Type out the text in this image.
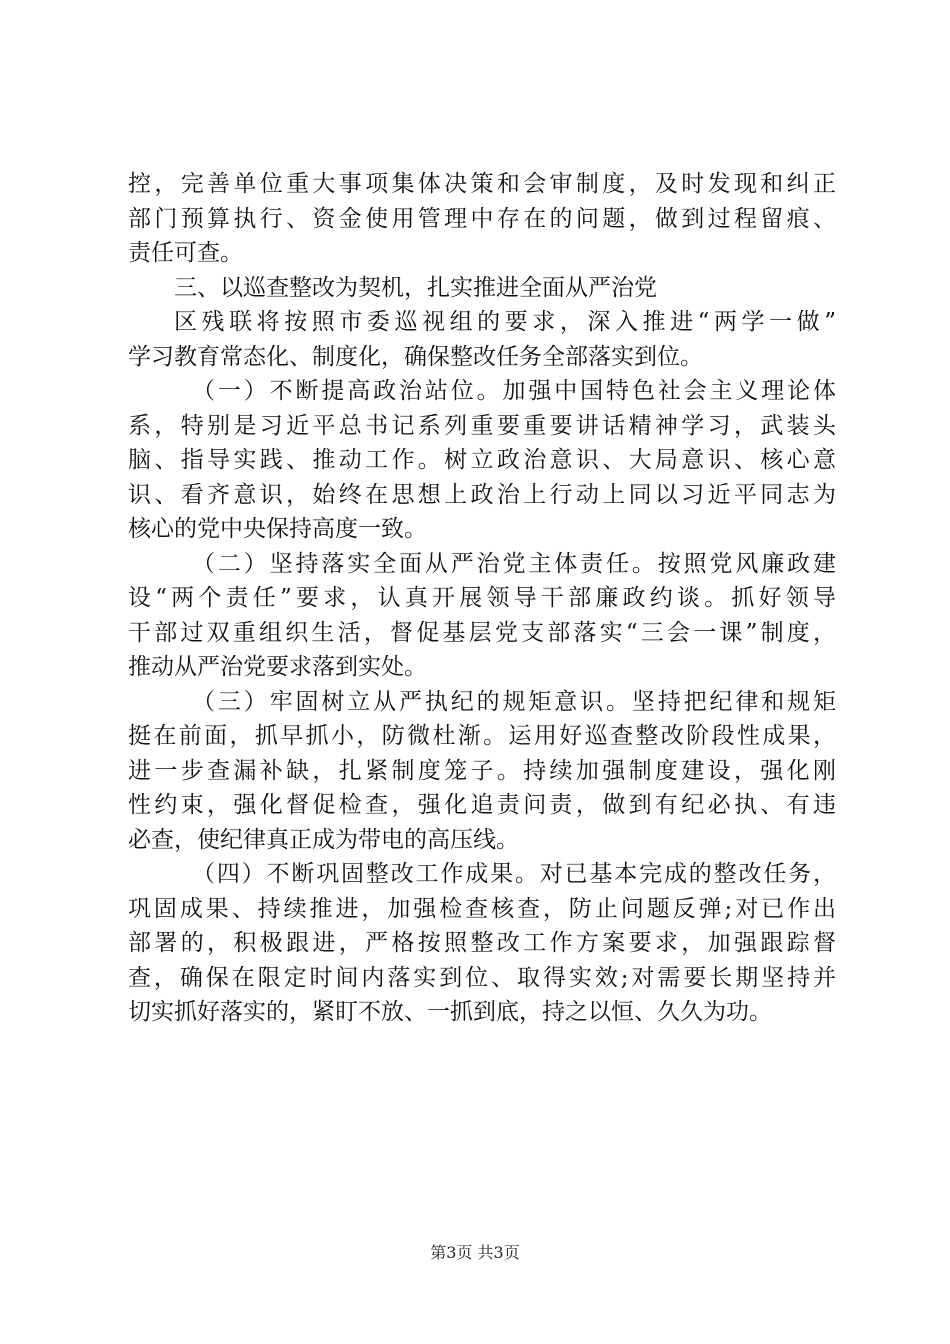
控，完善单位重大事项集体决策和会审制度，及时发现和纠正
部门预算执行、资金使用管理中存在的问题，做到过程留痕、
责任可查。
三、以巡查整改为契机，扎实推进全面从严治党
区残联将按照市委巡视组的要求，深入推进“两学一做”
学习教育常态化、制度化，确保整改任务全部落实到位。
（一）不断提高政治站位。加强中国特色社会主义理论体
系，特别是习近平总书记系列重要重要讲话精神学习，武装头
脑、指导实践、推动工作。树立政治意识、大局意识、核心意
识、看齐意识，始终在思想上政治上行动上同以习近平同志为
核心的党中央保持高度一致。
（二）坚持落实全面从严治党主体责任。按照党风廉政建
设“两个责任”要求，认真开展领导干部廉政约谈。抓好领导
干部过双重组织生活，督促基层党支部落实“三会一课”制度，
推动从严治党要求落到实处。
（三）牢固树立从严执纪的规矩意识。坚持把纪律和规矩
挺在前面，抓早抓小，防微杜渐。运用好巡查整改阶段性成果，
进一步查漏补缺，扎紧制度笼子。持续加强制度建设，强化刚
性约束，强化督促检查，强化追责问责，做到有纪必执、有违
必查，使纪律真正成为带电的高压线。
（四）不断巩固整改工作成果。对已基本完成的整改任务，
巩固成果、持续推进，加强检查核查，防止问题反弹;对已作出
部署的，积极跟进，严格按照整改工作方案要求，加强跟踪督
查，确保在限定时间内落实到位、取得实效;对需要长期坚持并
切实抓好落实的，紧盯不放、一抓到底，持之以恒、久久为功。
第3页 共3页
